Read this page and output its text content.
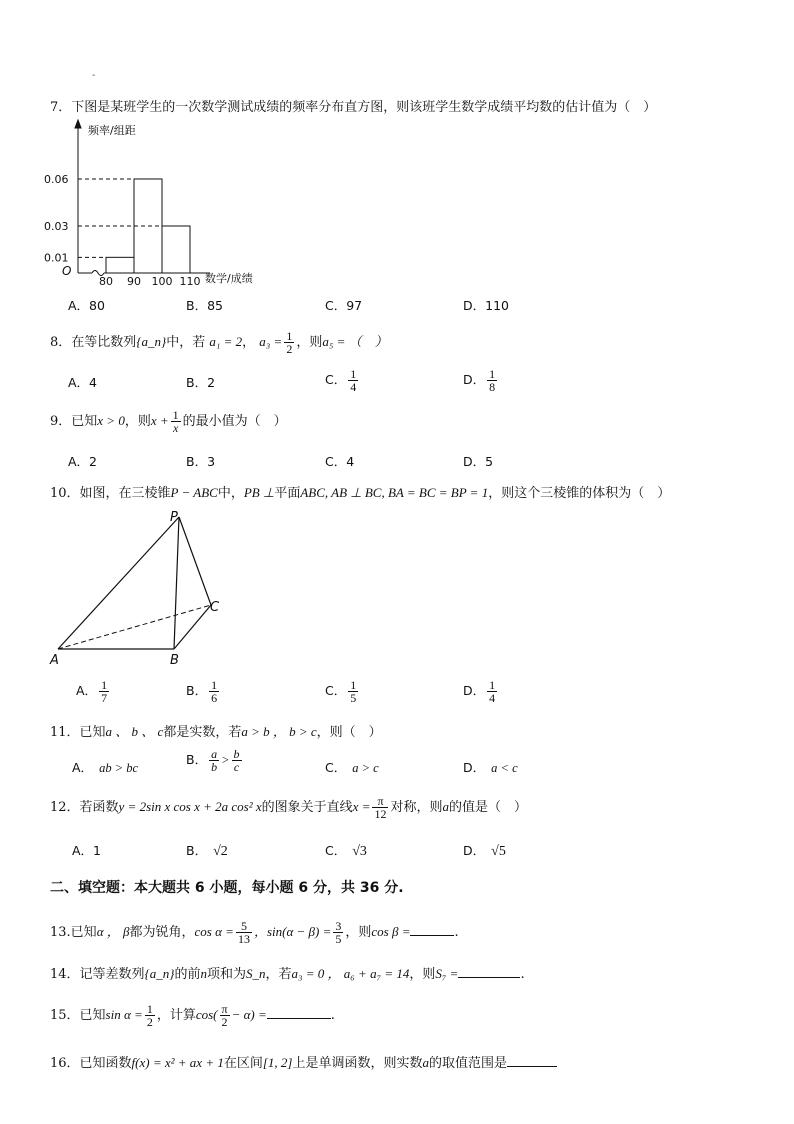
-
7．下图是某班学生的一次数学测试成绩的频率分布直方图，则该班学生数学成绩平均数的估计值为（　）
频率/组距
数学/成绩
O
0.06
0.03
0.01
80 90 100 110
A．80	B．85	C．97	D．110
8．在等比数列{a_n}中，若 a₁ = 2， $a_3 = \frac{1}{2}$ ，则a₅ = （　）
A．4	B．2	C． $\frac{1}{4}$	D． $\frac{1}{8}$
9．已知x > 0，则$x + \frac{1}{x}$ 的最小值为（　）
A．2	B．3	C．4	D．5
10．如图，在三棱锥P − ABC中，PB ⊥平面ABC, AB ⊥ BC, BA = BC = BP = 1，则这个三棱锥的体积为（　）
P
C
A	B
A． $\frac{1}{7}$	B． $\frac{1}{6}$	C． $\frac{1}{5}$	D． $\frac{1}{4}$
11．已知a 、 b 、 c都是实数，若a > b ， b > c，则（　）
A． ab > bc
B． $\frac{a}{b} > \frac{b}{c}$	C． a > c	D． a < c
12．若函数y = 2sin x cos x + 2a cos² x的图象关于直线$x = \frac{\pi}{12}$ 对称，则a的值是（　）
A．1	B． √2	C． √3	D． √5
二、填空题：本大题共 6 小题，每小题 6 分，共 36 分.
13.已知α ， β都为锐角，$\cos \alpha = \frac{5}{13}$ ，$\sin(\alpha - \beta) = \frac{3}{5}$ ，则cos β =	.
14．记等差数列{a_n}的前n项和为S_n，若a₃ = 0 ， a₆ + a₇ = 14，则S₇ =	.
15．已知$\sin \alpha = \frac{1}{2}$ ，计算$\cos( \frac{\pi}{2} - \alpha)$ =	.
16．已知函数f(x) = x² + ax + 1在区间[1, 2]上是单调函数，则实数a的取值范围是
